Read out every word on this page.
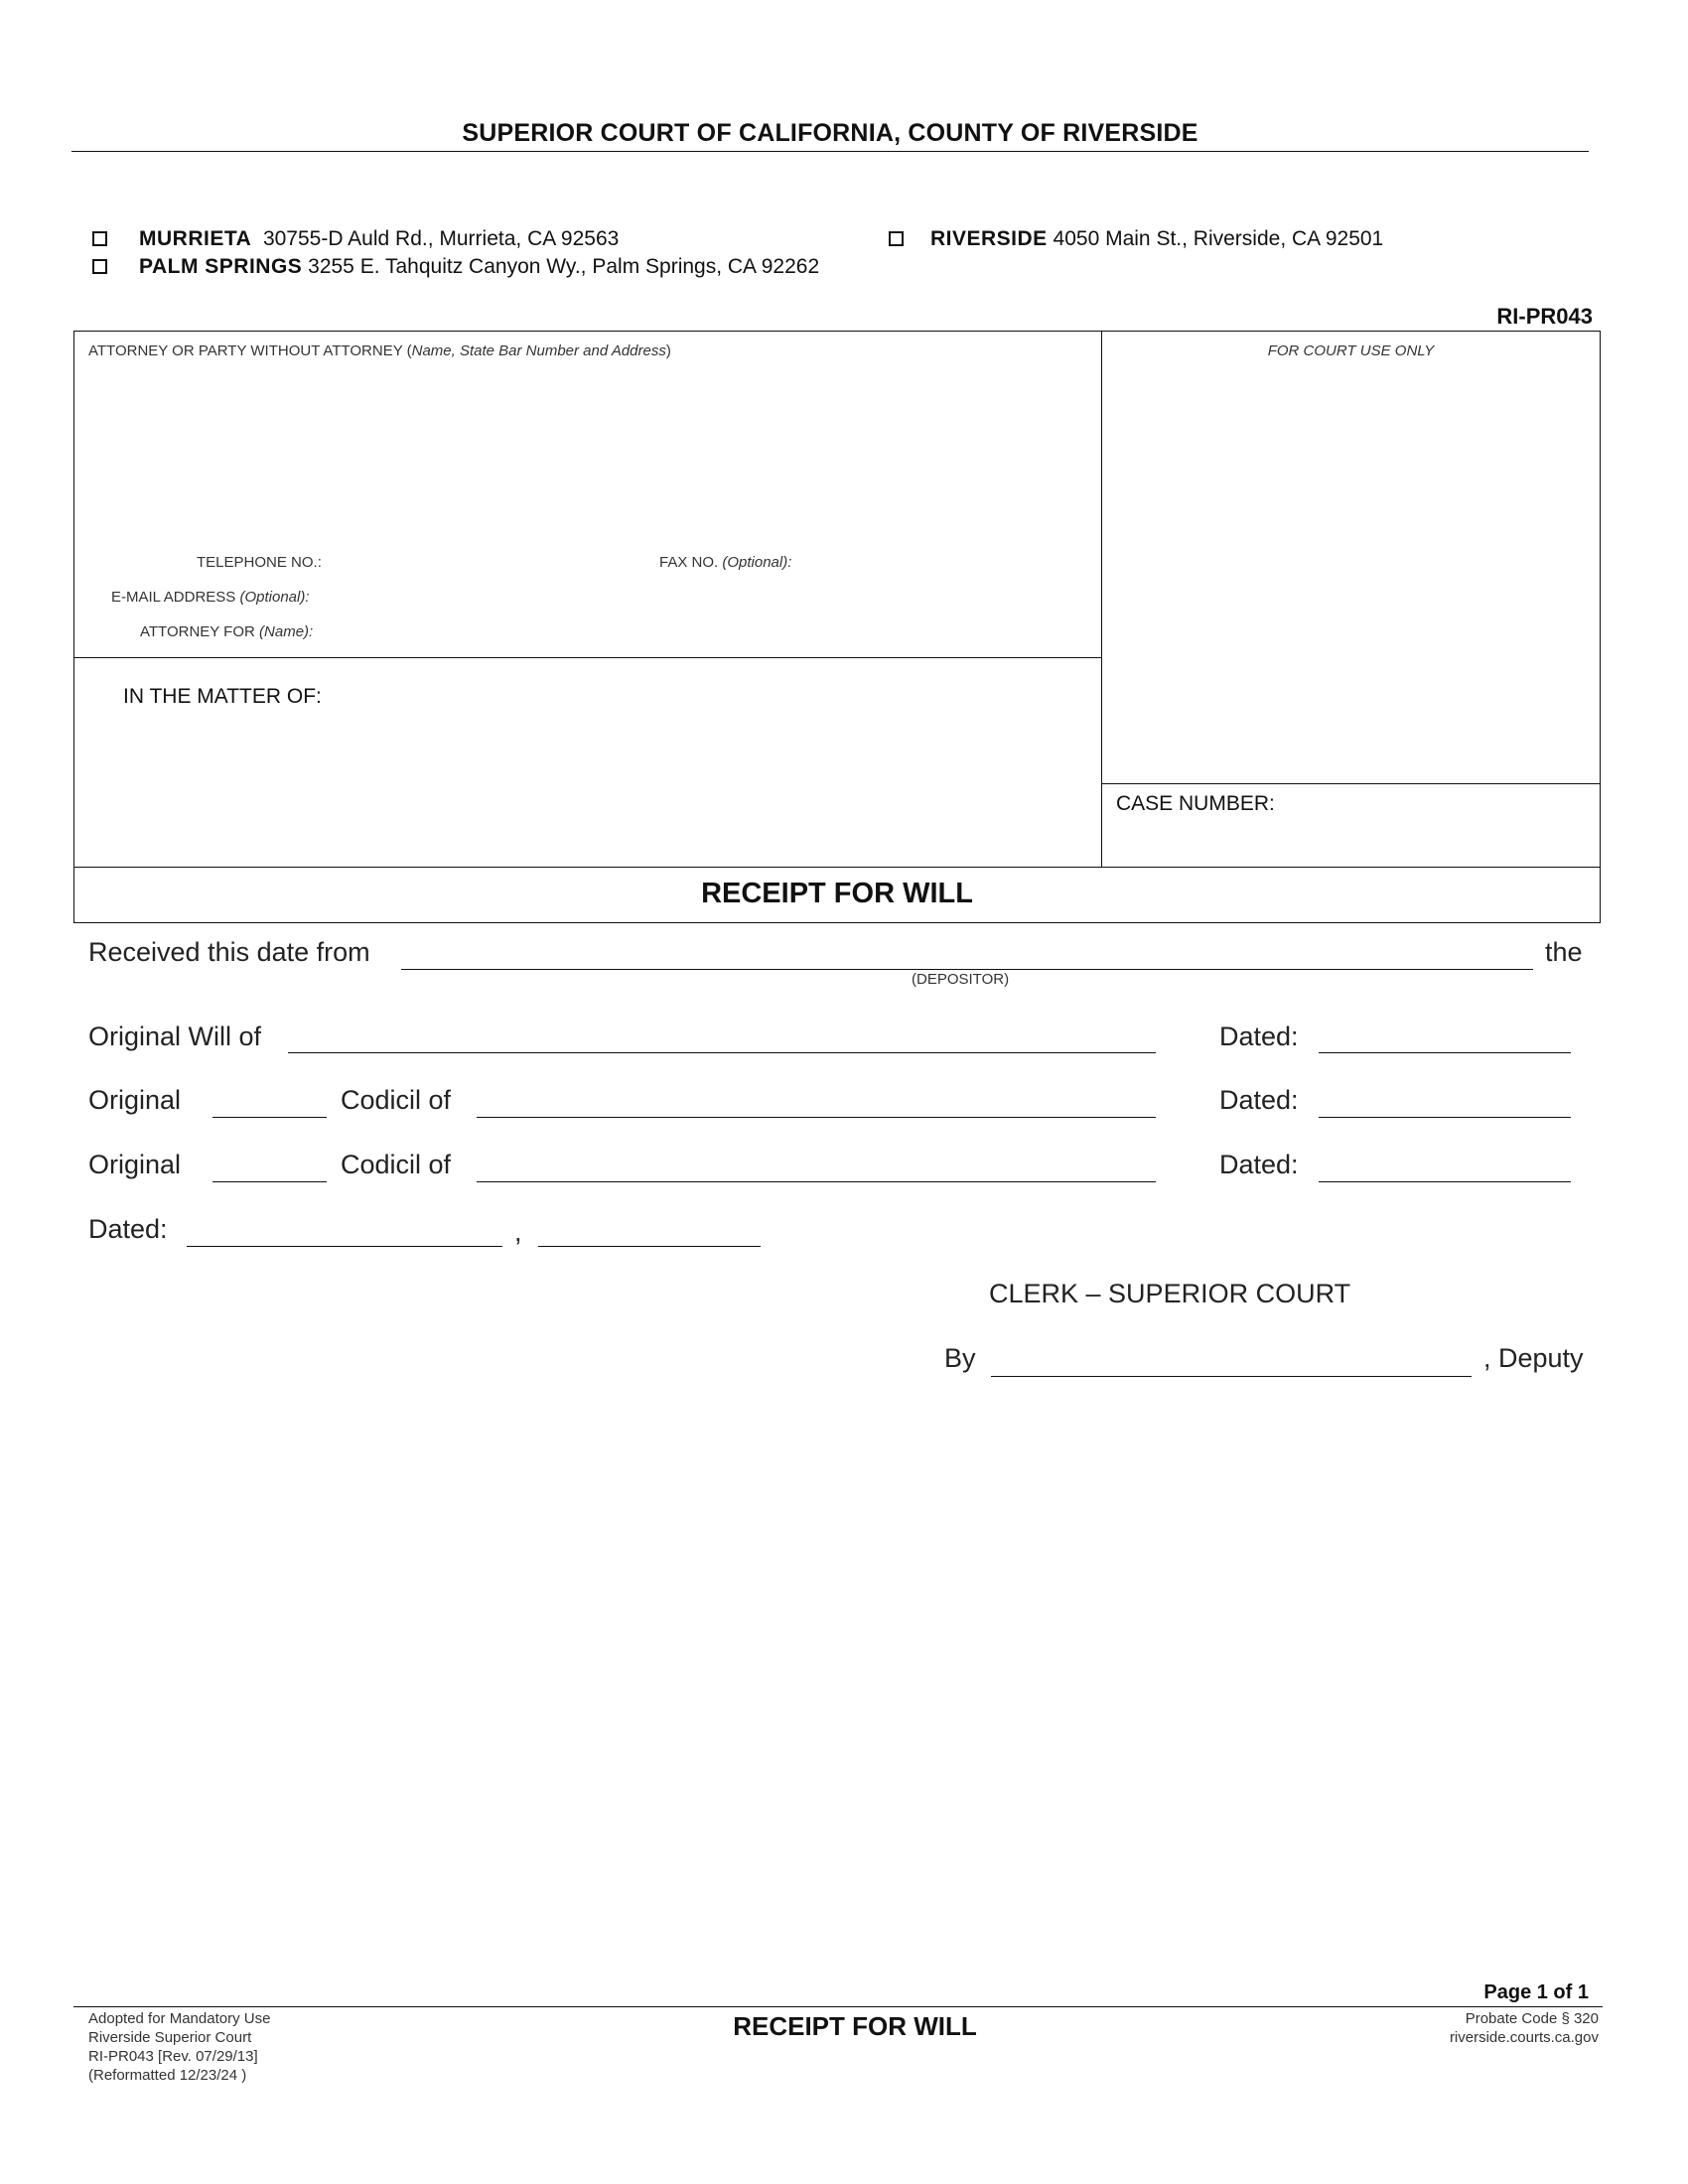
SUPERIOR COURT OF CALIFORNIA, COUNTY OF RIVERSIDE
MURRIETA 30755-D Auld Rd., Murrieta, CA 92563
PALM SPRINGS 3255 E. Tahquitz Canyon Wy., Palm Springs, CA 92262
RIVERSIDE 4050 Main St., Riverside, CA 92501
RI-PR043
ATTORNEY OR PARTY WITHOUT ATTORNEY (Name, State Bar Number and Address)
TELEPHONE NO.:	FAX NO. (Optional):
E-MAIL ADDRESS (Optional):
ATTORNEY FOR (Name):
FOR COURT USE ONLY
IN THE MATTER OF:
CASE NUMBER:
RECEIPT FOR WILL
Received this date from	the
(DEPOSITOR)
Original Will of	Dated:
Original	Codicil of	Dated:
Original	Codicil of	Dated:
Dated:	,
CLERK – SUPERIOR COURT
By	, Deputy
Page 1 of 1
Adopted for Mandatory Use
Riverside Superior Court
RI-PR043 [Rev. 07/29/13]
(Reformatted 12/23/24 )
RECEIPT FOR WILL	Probate Code § 320
riverside.courts.ca.gov
